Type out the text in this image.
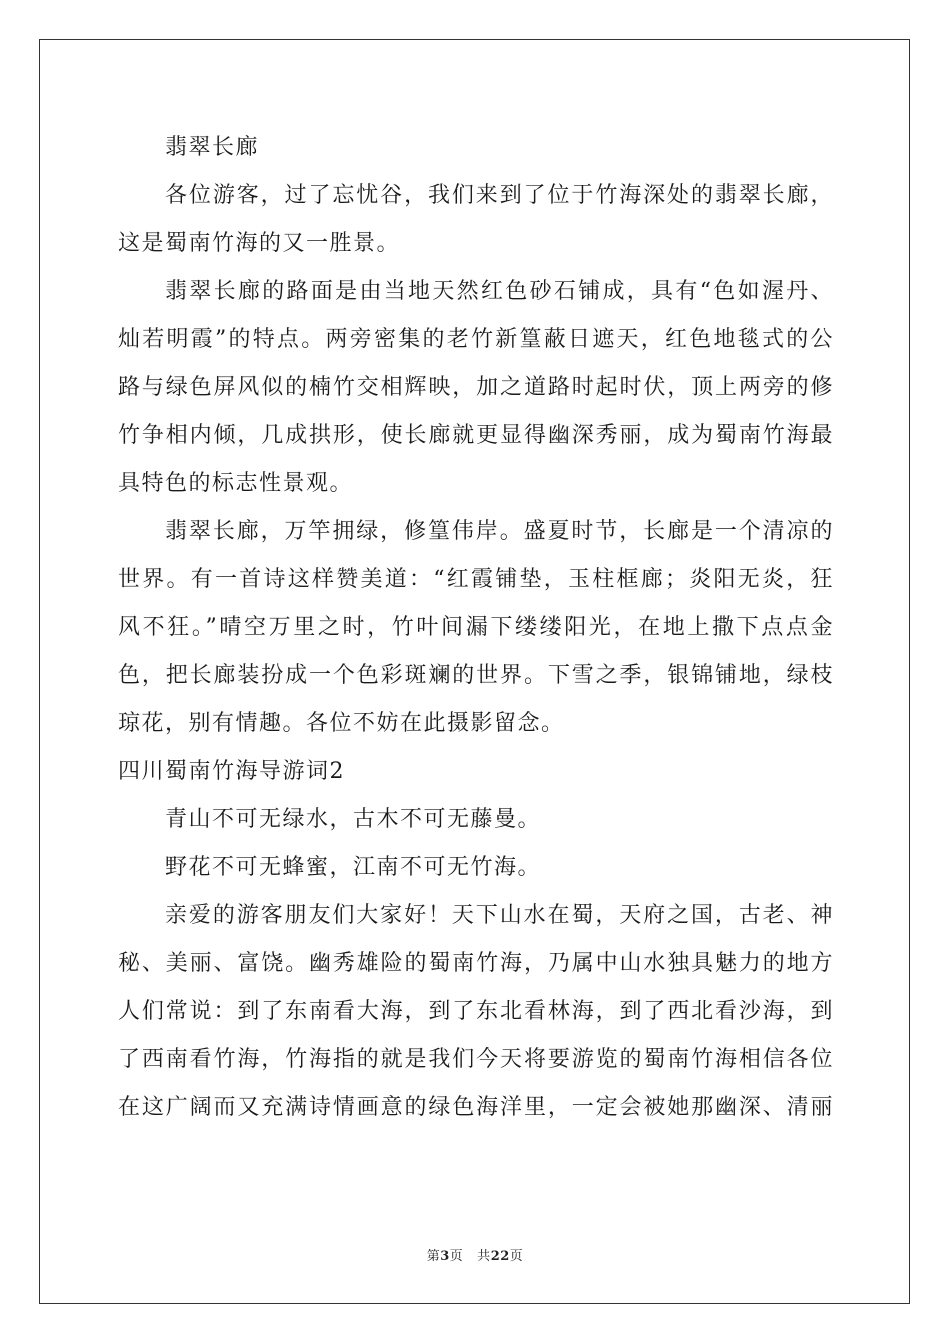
翡翠长廊
各位游客，过了忘忧谷，我们来到了位于竹海深处的翡翠长廊，
这是蜀南竹海的又一胜景。
翡翠长廊的路面是由当地天然红色砂石铺成，具有“色如渥丹、
灿若明霞”的特点。两旁密集的老竹新篁蔽日遮天，红色地毯式的公
路与绿色屏风似的楠竹交相辉映，加之道路时起时伏，顶上两旁的修
竹争相内倾，几成拱形，使长廊就更显得幽深秀丽，成为蜀南竹海最
具特色的标志性景观。
翡翠长廊，万竿拥绿，修篁伟岸。盛夏时节，长廊是一个清凉的
世界。有一首诗这样赞美道：“红霞铺垫，玉柱框廊；炎阳无炎，狂
风不狂。”晴空万里之时，竹叶间漏下缕缕阳光，在地上撒下点点金
色，把长廊装扮成一个色彩斑斓的世界。下雪之季，银锦铺地，绿枝
琼花，别有情趣。各位不妨在此摄影留念。
四川蜀南竹海导游词2
青山不可无绿水，古木不可无藤曼。
野花不可无蜂蜜，江南不可无竹海。
亲爱的游客朋友们大家好！天下山水在蜀，天府之国，古老、神
秘、美丽、富饶。幽秀雄险的蜀南竹海，乃属中山水独具魅力的地方
人们常说：到了东南看大海，到了东北看林海，到了西北看沙海，到
了西南看竹海，竹海指的就是我们今天将要游览的蜀南竹海相信各位
在这广阔而又充满诗情画意的绿色海洋里，一定会被她那幽深、清丽
第3页 共22页
